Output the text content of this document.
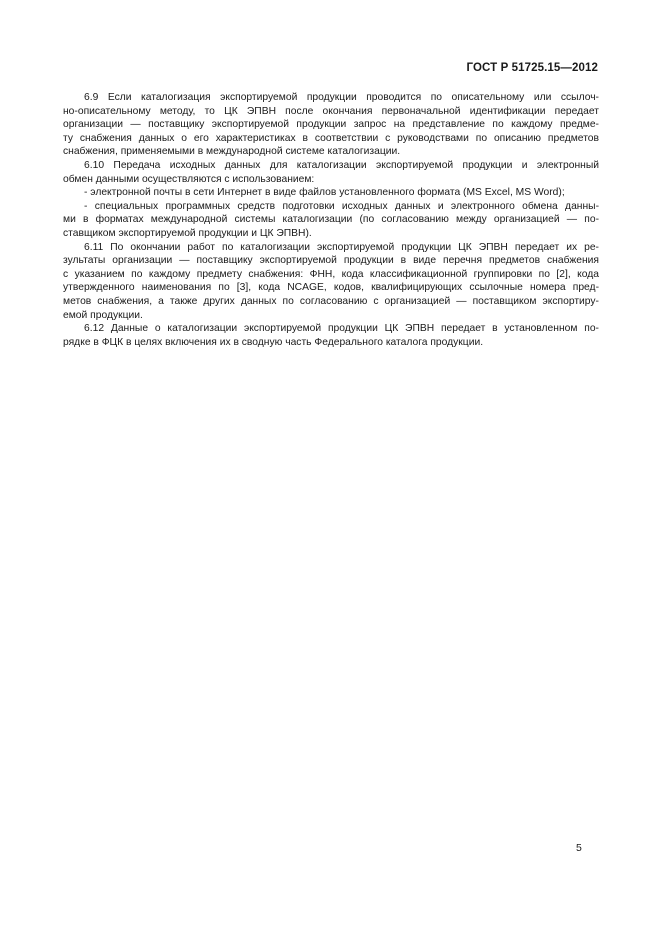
ГОСТ Р 51725.15—2012
6.9 Если каталогизация экспортируемой продукции проводится по описательному или ссылоч-
но-описательному методу, то ЦК ЭПВН после окончания первоначальной идентификации передает
организации — поставщику экспортируемой продукции запрос на представление по каждому предме-
ту снабжения данных о его характеристиках в соответствии с руководствами по описанию предметов
снабжения, применяемыми в международной системе каталогизации.
6.10 Передача исходных данных для каталогизации экспортируемой продукции и электронный
обмен данными осуществляются с использованием:
- электронной почты в сети Интернет в виде файлов установленного формата (MS Excel, MS Word);
- специальных программных средств подготовки исходных данных и электронного обмена данны-
ми в форматах международной системы каталогизации (по согласованию между организацией — по-
ставщиком экспортируемой продукции и ЦК ЭПВН).
6.11 По окончании работ по каталогизации экспортируемой продукции ЦК ЭПВН передает их ре-
зультаты организации — поставщику экспортируемой продукции в виде перечня предметов снабжения
с указанием по каждому предмету снабжения: ФНН, кода классификационной группировки по [2], кода
утвержденного наименования по [3], кода NCAGE, кодов, квалифицирующих ссылочные номера пред-
метов снабжения, а также других данных по согласованию с организацией — поставщиком экспортиру-
емой продукции.
6.12 Данные о каталогизации экспортируемой продукции ЦК ЭПВН передает в установленном по-
рядке в ФЦК в целях включения их в сводную часть Федерального каталога продукции.
5
